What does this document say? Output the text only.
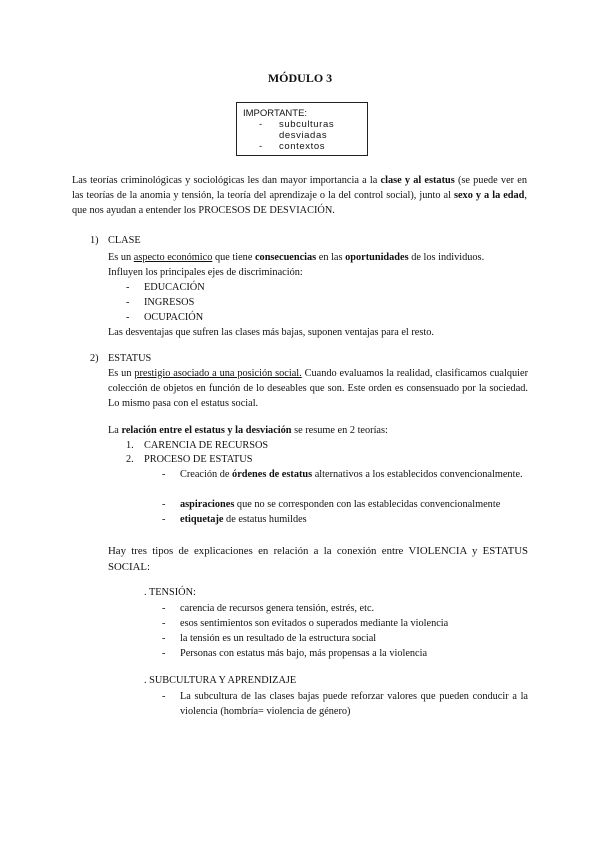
MÓDULO 3
IMPORTANTE:
- subculturas
desviadas
- contextos
Las teorías criminológicas y sociológicas les dan mayor importancia a la clase y al estatus (se puede ver en las teorías de la anomia y tensión, la teoría del aprendizaje o la del control social), junto al sexo y a la edad, que nos ayudan a entender los PROCESOS DE DESVIACIÓN.
1) CLASE
Es un aspecto económico que tiene consecuencias en las oportunidades de los individuos.
Influyen los principales ejes de discriminación:
- EDUCACIÓN
- INGRESOS
- OCUPACIÓN
Las desventajas que sufren las clases más bajas, suponen ventajas para el resto.
2) ESTATUS
Es un prestigio asociado a una posición social. Cuando evaluamos la realidad, clasificamos cualquier colección de objetos en función de lo deseables que son. Este orden es consensuado por la sociedad. Lo mismo pasa con el estatus social.
La relación entre el estatus y la desviación se resume en 2 teorías:
1. CARENCIA DE RECURSOS
2. PROCESO DE ESTATUS
- Creación de órdenes de estatus alternativos a los establecidos convencionalmente.
- aspiraciones que no se corresponden con las establecidas convencionalmente
- etiquetaje de estatus humildes
Hay tres tipos de explicaciones en relación a la conexión entre VIOLENCIA y ESTATUS SOCIAL:
. TENSIÓN:
- carencia de recursos genera tensión, estrés, etc.
- esos sentimientos son evitados o superados mediante la violencia
- la tensión es un resultado de la estructura social
- Personas con estatus más bajo, más propensas a la violencia
. SUBCULTURA Y APRENDIZAJE
- La subcultura de las clases bajas puede reforzar valores que pueden conducir a la violencia (hombría= violencia de género)
